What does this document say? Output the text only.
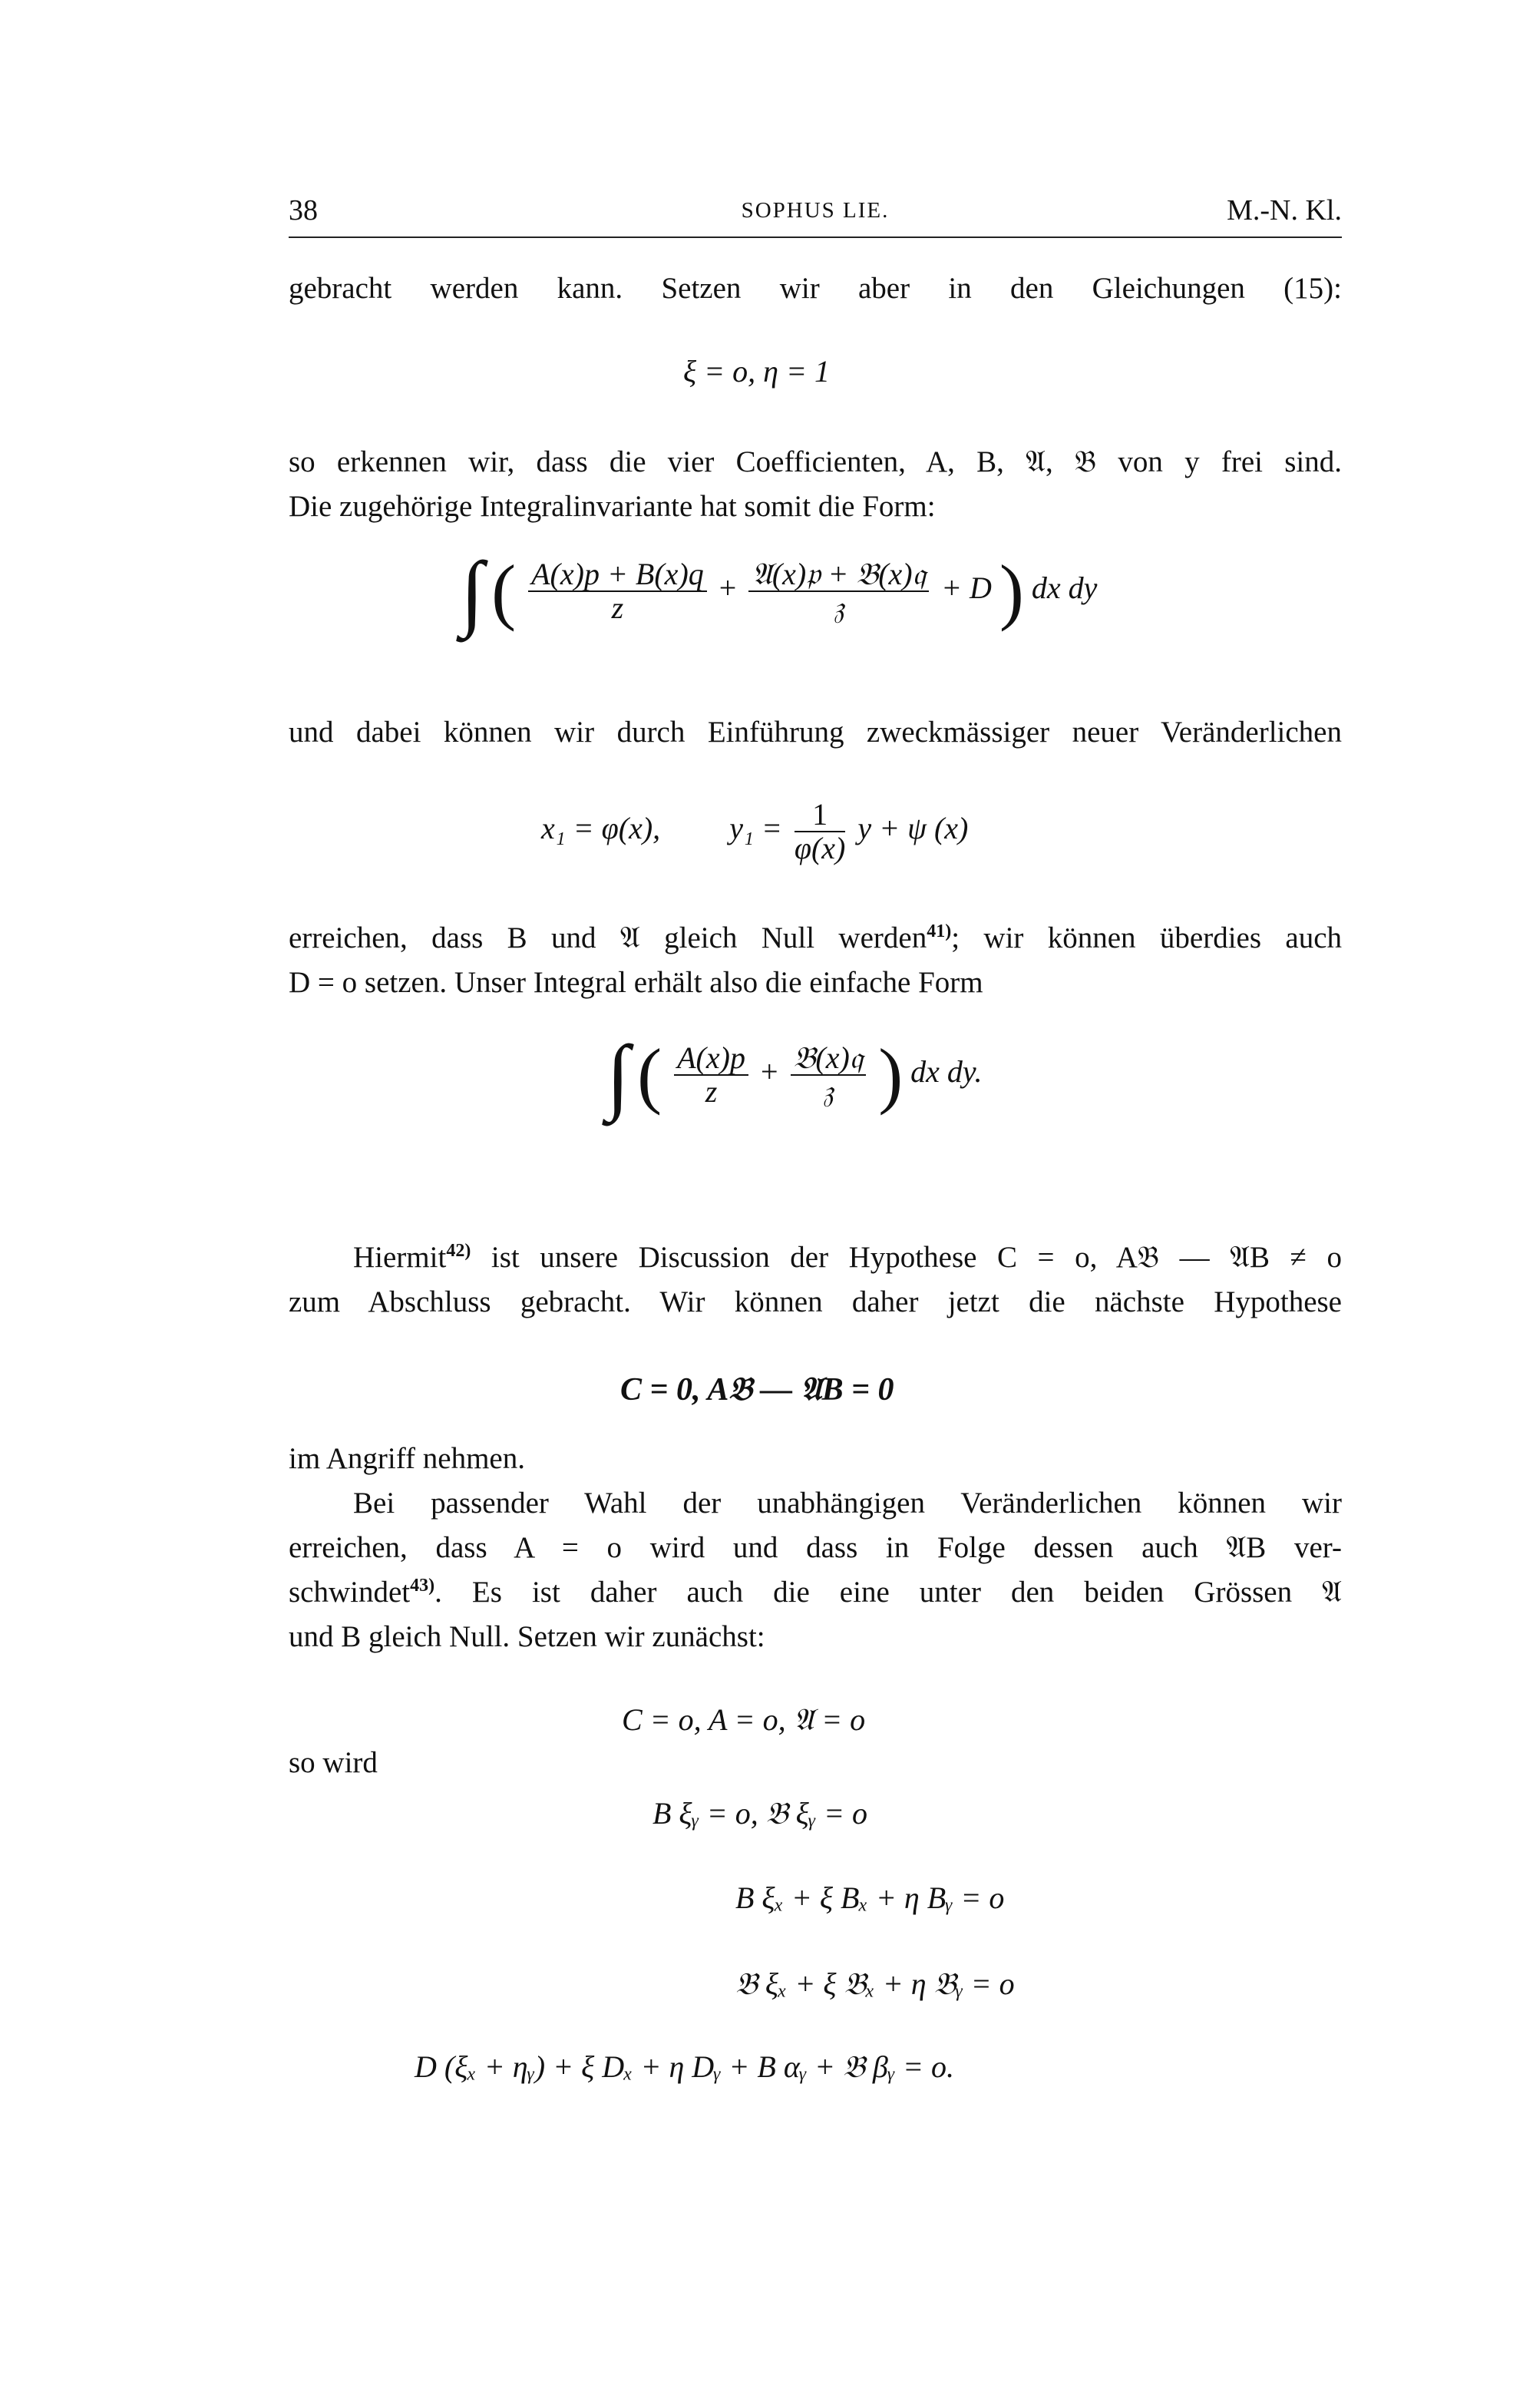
38	SOPHUS LIE.	M.-N. Kl.
gebracht werden kann. Setzen wir aber in den Gleichungen (15):
ξ = o, η = 1
so erkennen wir, dass die vier Coefficienten, A, B, 𝔄, 𝔅 von y frei sind.
Die zugehörige Integralinvariante hat somit die Form:
∫ ( $\frac{A(x)p + B(x)q}{z} + \frac{\text{𝔄(x)𝔭 + 𝔅(x)𝔮}}{\text{𝔷}} + D$ ) dx dy
und dabei können wir durch Einführung zweckmässiger neuer Veränderlichen
x₁ = φ(x), $y_1 = \frac{1}{\varphi(x)}$ y + ψ (x)
erreichen, dass B und 𝔄 gleich Null werden$^{41)}$; wir können überdies auch
D = o setzen. Unser Integral erhält also die einfache Form
∫ ( $\frac{A(x)p}{z} + \frac{\text{𝔅(x)𝔮}}{\text{𝔷}}$ ) dx dy.
Hiermit$^{42)}$ ist unsere Discussion der Hypothese C = o, A𝔅 — 𝔄B ≠ o
zum Abschluss gebracht. Wir können daher jetzt die nächste Hypothese
C = 0, A𝔅 — 𝔄B = 0
im Angriff nehmen.
Bei passender Wahl der unabhängigen Veränderlichen können wir
erreichen, dass A = o wird und dass in Folge dessen auch 𝔄B ver-
schwindet$^{43)}$. Es ist daher auch die eine unter den beiden Grössen 𝔄
und B gleich Null. Setzen wir zunächst:
C = o, A = o, 𝔄 = o
so wird
B ξᵧ = o, 𝔅 ξᵧ = o
B ξₓ + ξ Bₓ + η Bᵧ = o
𝔅 ξₓ + ξ 𝔅ₓ + η 𝔅ᵧ = o
D (ξₓ + ηᵧ) + ξ Dₓ + η Dᵧ + B αᵧ + 𝔅 βᵧ = o.
